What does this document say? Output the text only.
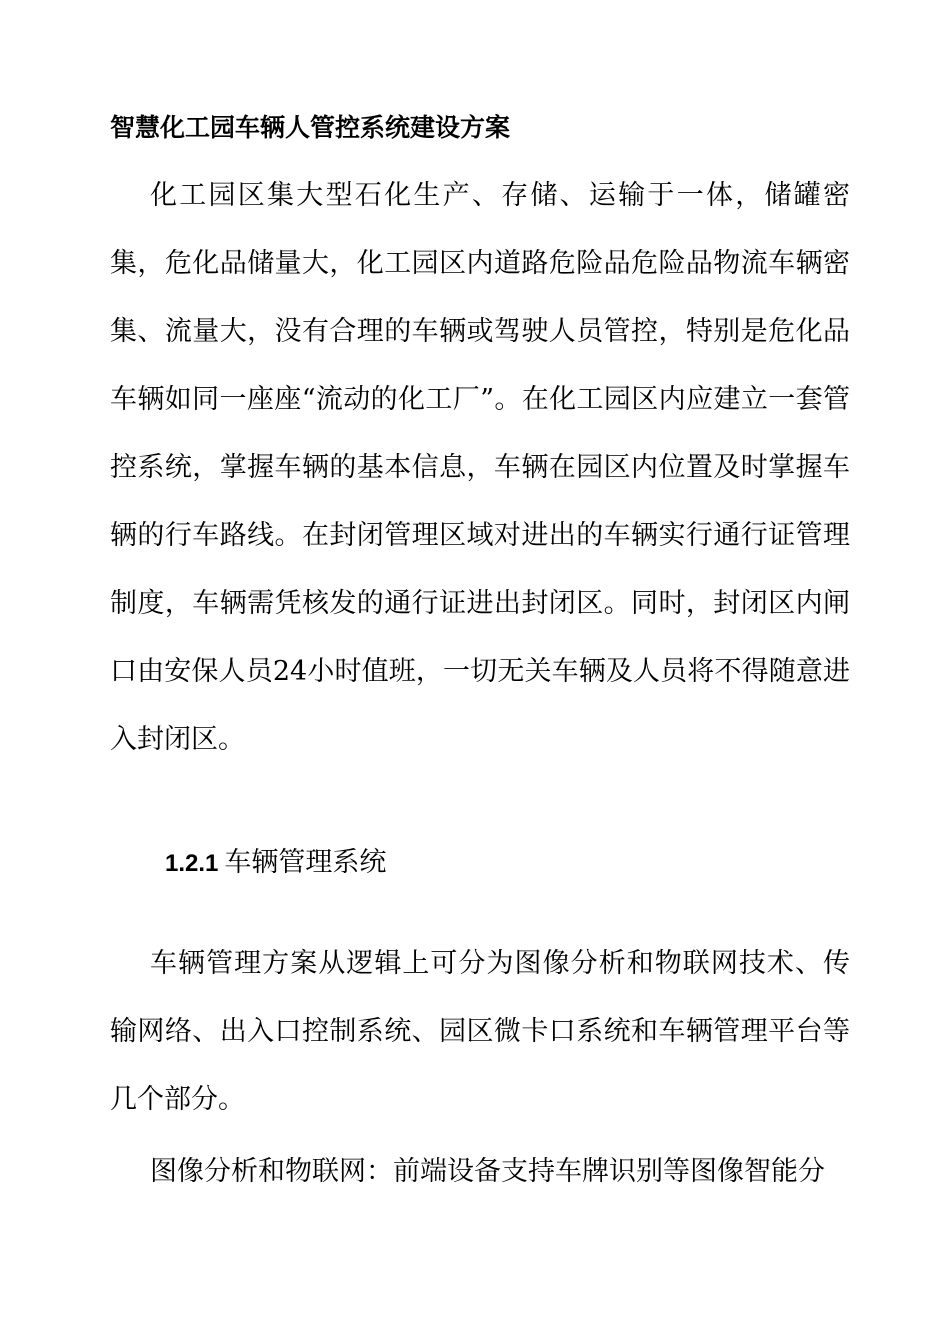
智慧化工园车辆人管控系统建设方案

化工园区集大型石化生产、存储、运输于一体，储罐密集，危化品储量大，化工园区内道路危险品危险品物流车辆密集、流量大，没有合理的车辆或驾驶人员管控，特别是危化品车辆如同一座座“流动的化工厂”。在化工园区内应建立一套管控系统，掌握车辆的基本信息，车辆在园区内位置及时掌握车辆的行车路线。在封闭管理区域对进出的车辆实行通行证管理制度，车辆需凭核发的通行证进出封闭区。同时，封闭区内闸口由安保人员24小时值班，一切无关车辆及人员将不得随意进入封闭区。

1.2.1 车辆管理系统

车辆管理方案从逻辑上可分为图像分析和物联网技术、传输网络、出入口控制系统、园区微卡口系统和车辆管理平台等几个部分。

图像分析和物联网：前端设备支持车牌识别等图像智能分
